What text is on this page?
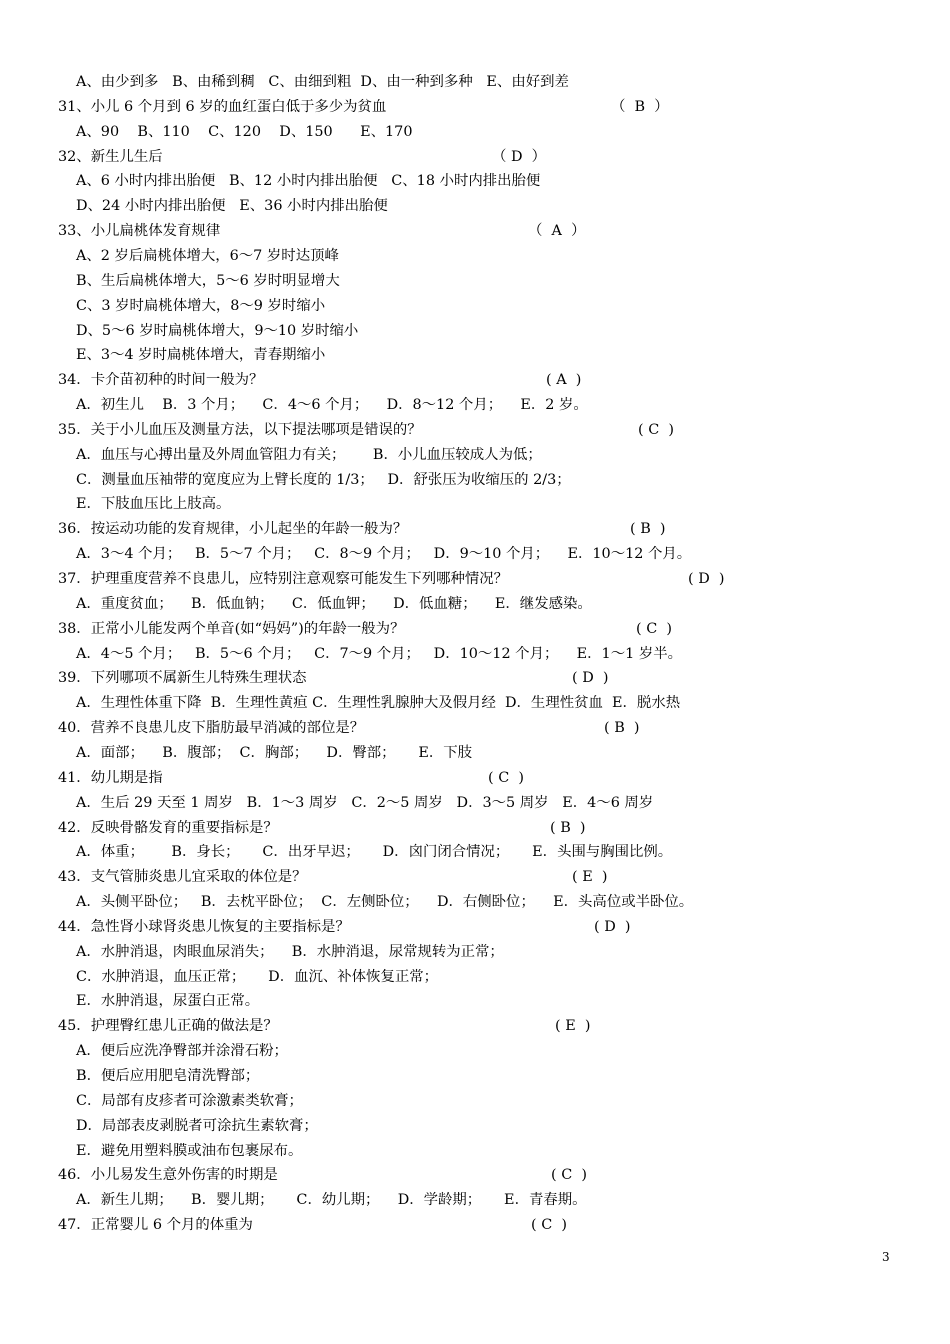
3
A、由少到多   B、由稀到稠   C、由细到粗  D、由一种到多种   E、由好到差
31、小儿 6 个月到 6 岁的血红蛋白低于多少为贫血	（  B  ）
A、90    B、110    C、120    D、150      E、170
32、新生儿生后	（ D  ）
A、6 小时内排出胎便   B、12 小时内排出胎便   C、18 小时内排出胎便
D、24 小时内排出胎便   E、36 小时内排出胎便
33、小儿扁桃体发育规律	（  A  ）
A、2 岁后扁桃体增大，6～7 岁时达顶峰
B、生后扁桃体增大，5～6 岁时明显增大
C、3 岁时扁桃体增大，8～9 岁时缩小
D、5～6 岁时扁桃体增大，9～10 岁时缩小
E、3～4 岁时扁桃体增大，青春期缩小
34．卡介苗初种的时间一般为？	( A  )
A．初生儿    B．3 个月；    C．4～6 个月；    D．8～12 个月；    E．2 岁。
35．关于小儿血压及测量方法，以下提法哪项是错误的？	( C  )
A．血压与心搏出量及外周血管阻力有关；      B．小儿血压较成人为低；
C．测量血压袖带的宽度应为上臂长度的 1/3；   D．舒张压为收缩压的 2/3；
E．下肢血压比上肢高。
36．按运动功能的发育规律，小儿起坐的年龄一般为？	( B  )
A．3～4 个月；   B．5～7 个月；   C．8～9 个月；   D．9～10 个月；    E．10～12 个月。
37．护理重度营养不良患儿，应特别注意观察可能发生下列哪种情况？	( D  )
A．重度贫血；    B．低血钠；    C．低血钾；    D．低血糖；    E．继发感染。
38．正常小儿能发两个单音(如“妈妈”)的年龄一般为？	( C  )
A．4～5 个月；   B．5～6 个月；   C．7～9 个月；   D．10～12 个月；    E．1～1 岁半。
39．下列哪项不属新生儿特殊生理状态	( D  )
A．生理性体重下降  B．生理性黄疸 C．生理性乳腺肿大及假月经  D．生理性贫血  E．脱水热
40．营养不良患儿皮下脂肪最早消减的部位是？	( B  )
A．面部；    B．腹部；  C．胸部；    D．臀部；     E．下肢
41．幼儿期是指	( C  )
A．生后 29 天至 1 周岁   B．1～3 周岁   C．2～5 周岁   D．3～5 周岁   E．4～6 周岁
42．反映骨骼发育的重要指标是？	( B  )
A．体重；      B．身长；     C．出牙早迟；     D．囟门闭合情况；     E．头围与胸围比例。
43．支气管肺炎患儿宜采取的体位是？	( E  )
A．头侧平卧位；   B．去枕平卧位；  C．左侧卧位；    D．右侧卧位；    E．头高位或半卧位。
44．急性肾小球肾炎患儿恢复的主要指标是？	( D  )
A．水肿消退，肉眼血尿消失；    B．水肿消退，尿常规转为正常；
C．水肿消退，血压正常；     D．血沉、补体恢复正常；
E．水肿消退，尿蛋白正常。
45．护理臀红患儿正确的做法是？	( E  )
A．便后应洗净臀部并涂滑石粉；
B．便后应用肥皂清洗臀部；
C．局部有皮疹者可涂激素类软膏；
D．局部表皮剥脱者可涂抗生素软膏；
E．避免用塑料膜或油布包裹尿布。
46．小儿易发生意外伤害的时期是	( C  )
A．新生儿期；    B．婴儿期；     C．幼儿期；    D．学龄期；     E．青春期。
47．正常婴儿 6 个月的体重为	( C  )
